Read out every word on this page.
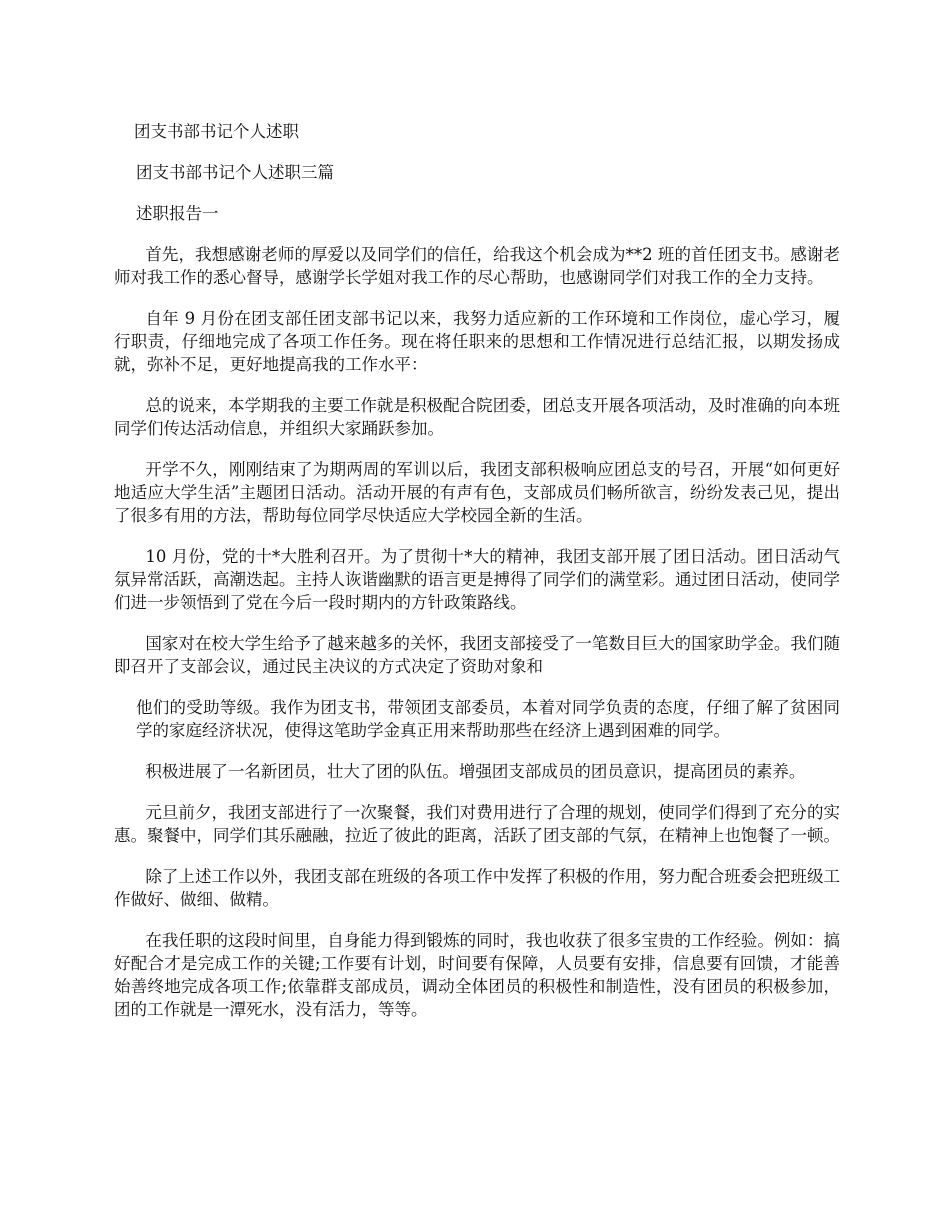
团支书部书记个人述职

团支书部书记个人述职三篇

述职报告一

首先，我想感谢老师的厚爱以及同学们的信任，给我这个机会成为**2 班的首任团支书。感谢老师对我工作的悉心督导，感谢学长学姐对我工作的尽心帮助，也感谢同学们对我工作的全力支持。

自年 9 月份在团支部任团支部书记以来，我努力适应新的工作环境和工作岗位，虚心学习，履行职责，仔细地完成了各项工作任务。现在将任职来的思想和工作情况进行总结汇报，以期发扬成就，弥补不足，更好地提高我的工作水平：

总的说来，本学期我的主要工作就是积极配合院团委，团总支开展各项活动，及时准确的向本班同学们传达活动信息，并组织大家踊跃参加。

开学不久，刚刚结束了为期两周的军训以后，我团支部积极响应团总支的号召，开展“如何更好地适应大学生活”主题团日活动。活动开展的有声有色，支部成员们畅所欲言，纷纷发表己见，提出了很多有用的方法，帮助每位同学尽快适应大学校园全新的生活。

10 月份，党的十*大胜利召开。为了贯彻十*大的精神，我团支部开展了团日活动。团日活动气氛异常活跃，高潮迭起。主持人诙谐幽默的语言更是搏得了同学们的满堂彩。通过团日活动，使同学们进一步领悟到了党在今后一段时期内的方针政策路线。

国家对在校大学生给予了越来越多的关怀，我团支部接受了一笔数目巨大的国家助学金。我们随即召开了支部会议，通过民主决议的方式决定了资助对象和

他们的受助等级。我作为团支书，带领团支部委员，本着对同学负责的态度，仔细了解了贫困同学的家庭经济状况，使得这笔助学金真正用来帮助那些在经济上遇到困难的同学。

积极进展了一名新团员，壮大了团的队伍。增强团支部成员的团员意识，提高团员的素养。

元旦前夕，我团支部进行了一次聚餐，我们对费用进行了合理的规划，使同学们得到了充分的实惠。聚餐中，同学们其乐融融，拉近了彼此的距离，活跃了团支部的气氛，在精神上也饱餐了一顿。

除了上述工作以外，我团支部在班级的各项工作中发挥了积极的作用，努力配合班委会把班级工作做好、做细、做精。

在我任职的这段时间里，自身能力得到锻炼的同时，我也收获了很多宝贵的工作经验。例如：搞好配合才是完成工作的关键;工作要有计划，时间要有保障，人员要有安排，信息要有回馈，才能善始善终地完成各项工作;依靠群支部成员，调动全体团员的积极性和制造性，没有团员的积极参加，团的工作就是一潭死水，没有活力，等等。
